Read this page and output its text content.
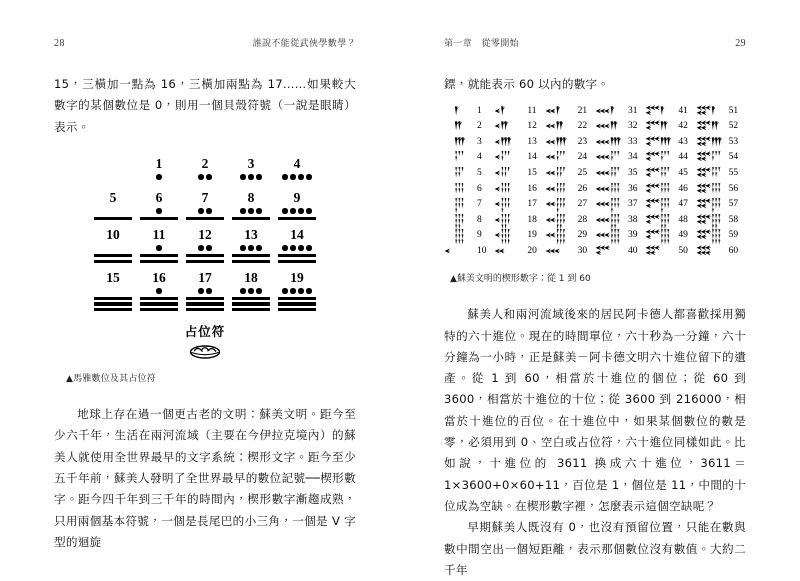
28	誰說不能從武俠學數學？

15，三橫加一點為 16，三橫加兩點為 17……如果較大數字的某個數位是 0，則用一個貝殼符號（一說是眼睛）表示。

1	2	3	4
5	6	7	8	9
10 11 12 13 14
15 16 17 18 19
占位符
▲馬雅數位及其占位符

地球上存在過一個更古老的文明：蘇美文明。距今至少六千年，生活在兩河流域（主要在今伊拉克境內）的蘇美人就使用全世界最早的文字系統：楔形文字。距今至少五千年前，蘇美人發明了全世界最早的數位記號──楔形數字。距今四千年到三千年的時間內，楔形數字漸趨成熟，只用兩個基本符號，一個是長尾巴的小三角，一個是 V 字型的迴旋

第一章　從零開始	29

鏢，就能表示 60 以內的數字。

1	11	21	31	41	51
2	12	22	32	42	52
3	13	23	33	43	53
4	14	24	34	44	54
5	15	25	35	45	55
6	16	26	36	46	56
7	17	27	37	47	57
8	18	28	38	48	58
9	19	29	39	49	59
10	20	30	40	50	60
▲蘇美文明的楔形數字：從 1 到 60

蘇美人和兩河流域後來的居民阿卡德人都喜歡採用獨特的六十進位。現在的時間單位，六十秒為一分鐘，六十分鐘為一小時，正是蘇美－阿卡德文明六十進位留下的遺產。從 1 到 60，相當於十進位的個位；從 60 到 3600，相當於十進位的十位；從 3600 到 216000，相當於十進位的百位。在十進位中，如果某個數位的數是零，必須用到 0、空白或占位符，六十進位同樣如此。比如說，十進位的 3611 換成六十進位，3611＝1×3600+0×60+11，百位是 1，個位是 11，中間的十位成為空缺。在楔形數字裡，怎麼表示這個空缺呢？

早期蘇美人既沒有 0，也沒有預留位置，只能在數與數中間空出一個短距離，表示那個數位沒有數值。大約二千年
